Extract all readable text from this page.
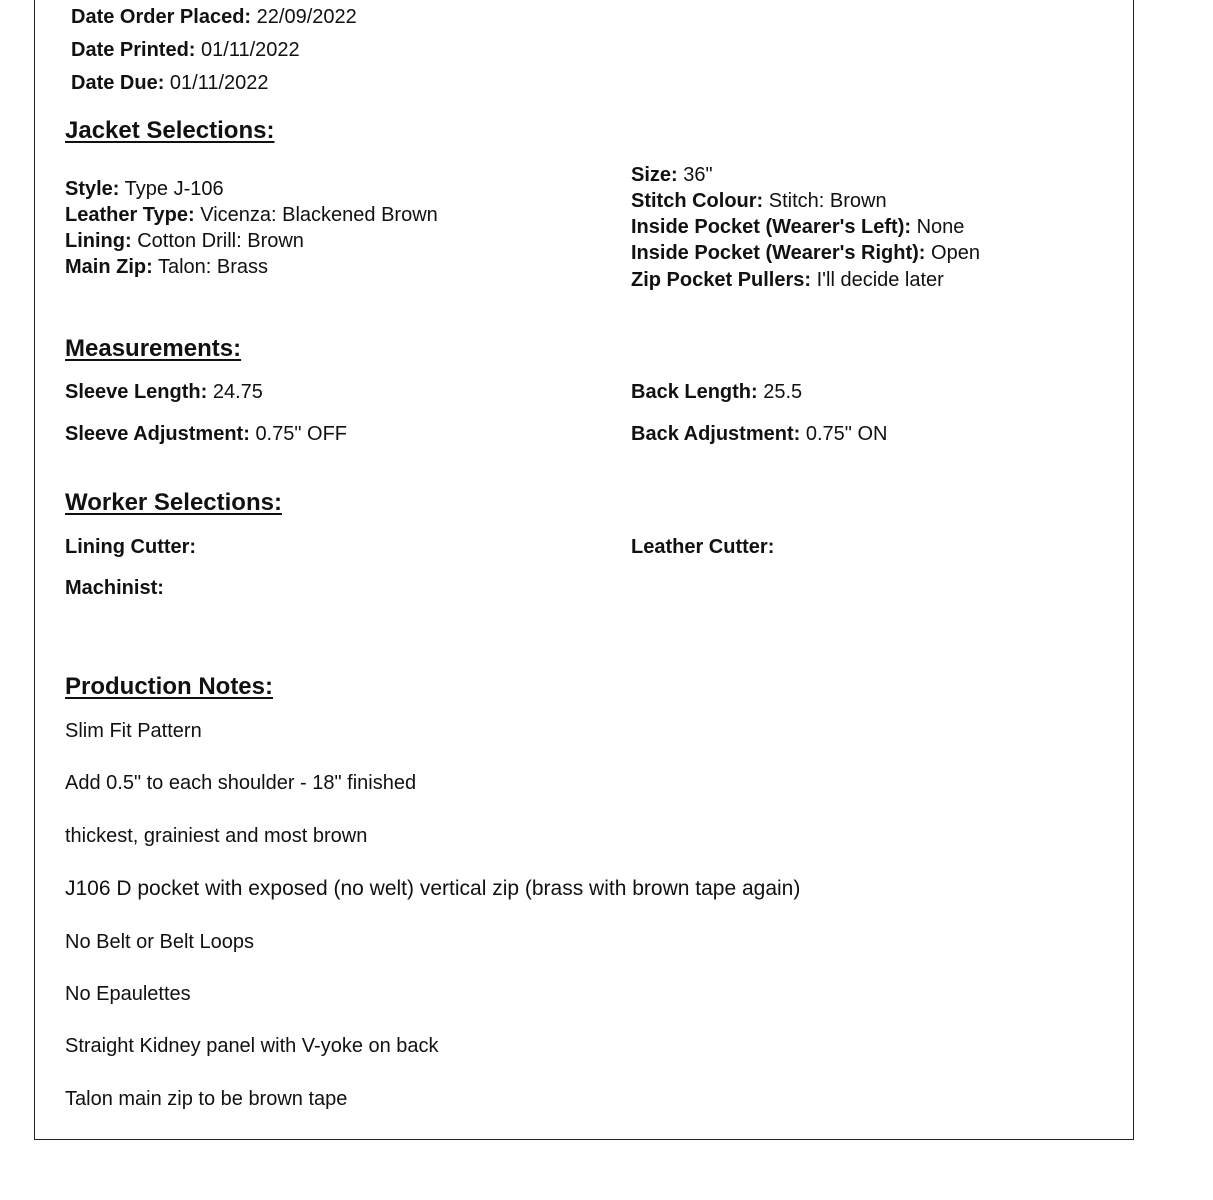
Date Order Placed: 22/09/2022
Date Printed: 01/11/2022
Date Due: 01/11/2022
Jacket Selections:
Style: Type J-106
Leather Type: Vicenza: Blackened Brown
Lining: Cotton Drill: Brown
Main Zip: Talon: Brass
Size: 36"
Stitch Colour: Stitch: Brown
Inside Pocket (Wearer's Left): None
Inside Pocket (Wearer's Right): Open
Zip Pocket Pullers: I'll decide later
Measurements:
Sleeve Length: 24.75	Back Length: 25.5
Sleeve Adjustment: 0.75" OFF	Back Adjustment: 0.75" ON
Worker Selections:
Lining Cutter:	Leather Cutter:
Machinist:
Production Notes:
Slim Fit Pattern
Add 0.5" to each shoulder - 18" finished
thickest, grainiest and most brown
J106 D pocket with exposed (no welt) vertical zip (brass with brown tape again)
No Belt or Belt Loops
No Epaulettes
Straight Kidney panel with V-yoke on back
Talon main zip to be brown tape
